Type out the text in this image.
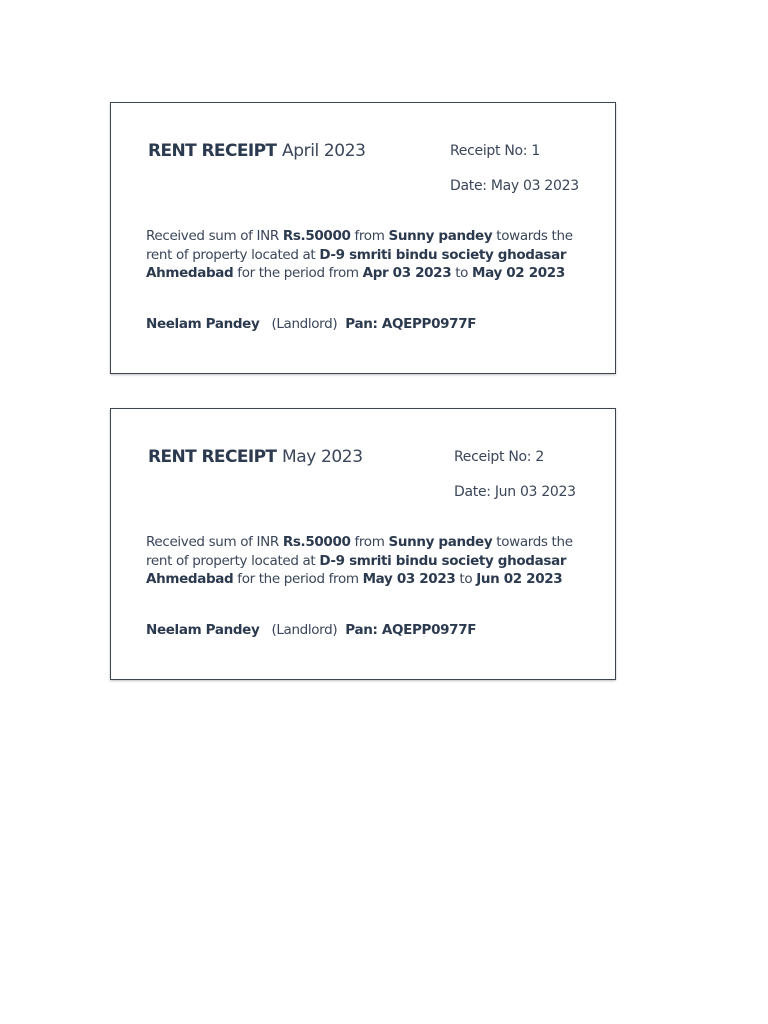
RENT RECEIPT April 2023	Receipt No: 1
Date: May 03 2023
Received sum of INR Rs.50000 from Sunny pandey towards the rent of property located at D-9 smriti bindu society ghodasar Ahmedabad for the period from Apr 03 2023 to May 02 2023
Neelam Pandey (Landlord) Pan: AQEPP0977F
RENT RECEIPT May 2023	Receipt No: 2
Date: Jun 03 2023
Received sum of INR Rs.50000 from Sunny pandey towards the rent of property located at D-9 smriti bindu society ghodasar Ahmedabad for the period from May 03 2023 to Jun 02 2023
Neelam Pandey (Landlord) Pan: AQEPP0977F
